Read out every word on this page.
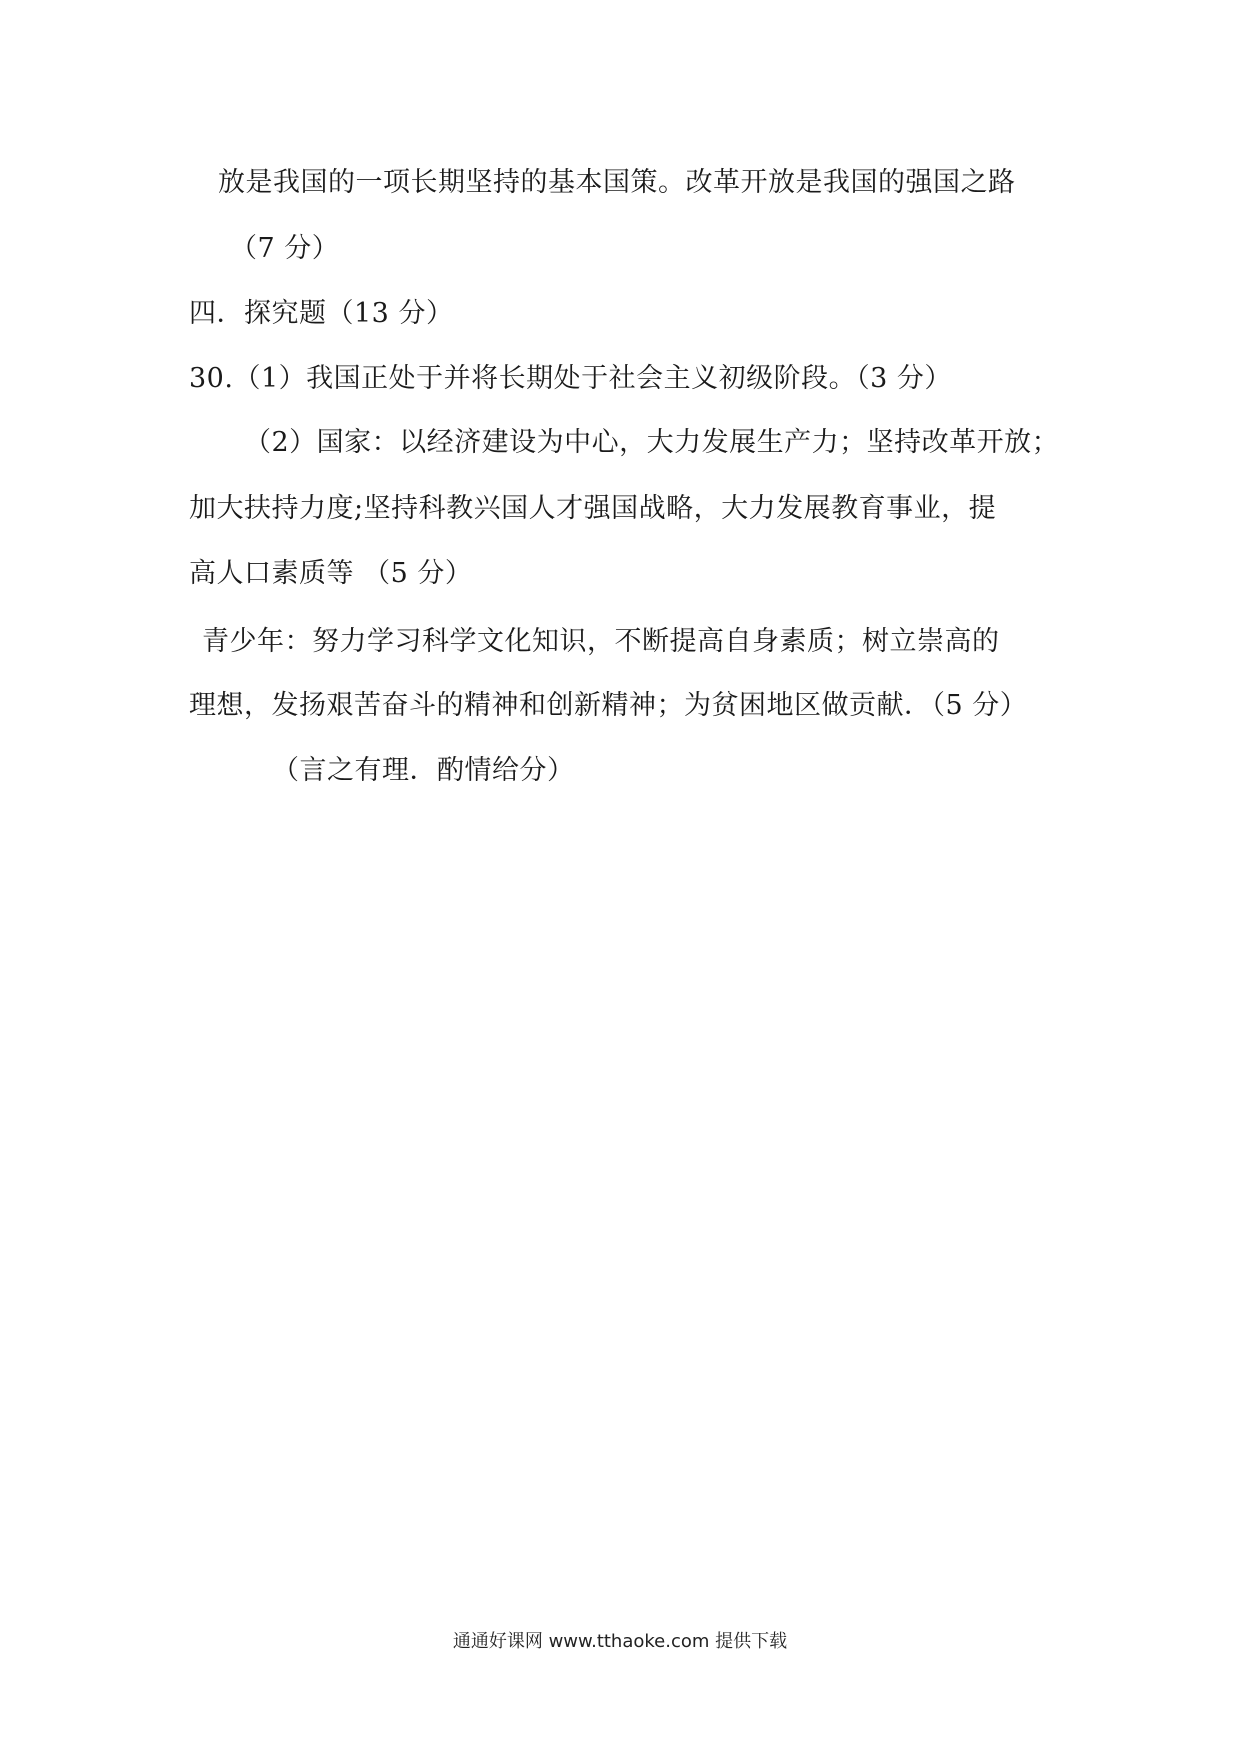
放是我国的一项长期坚持的基本国策。改革开放是我国的强国之路
（7 分）
四．探究题（13 分）
30.（1）我国正处于并将长期处于社会主义初级阶段。（3 分）
（2）国家：以经济建设为中心，大力发展生产力；坚持改革开放；
加大扶持力度;坚持科教兴国人才强国战略，大力发展教育事业，提
高人口素质等 （5 分）
青少年：努力学习科学文化知识，不断提高自身素质；树立崇高的
理想，发扬艰苦奋斗的精神和创新精神；为贫困地区做贡献．（5 分）
（言之有理．酌情给分）
通通好课网 www.tthaoke.com 提供下载
